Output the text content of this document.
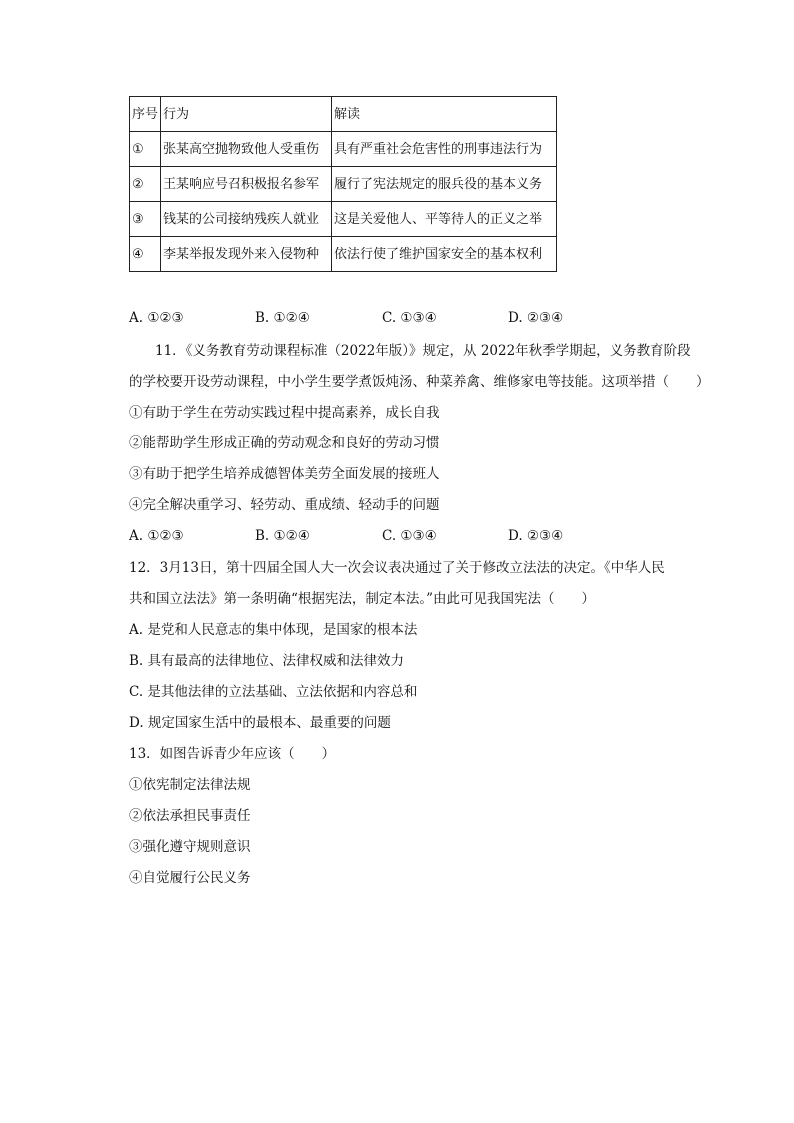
序号	行为	解读
①	张某高空抛物致他人受重伤	具有严重社会危害性的刑事违法行为
②	王某响应号召积极报名参军	履行了宪法规定的服兵役的基本义务
③	钱某的公司接纳残疾人就业	这是关爱他人、平等待人的正义之举
④	李某举报发现外来入侵物种	依法行使了维护国家安全的基本权利
A. ①②③	B. ①②④	C. ①③④	D. ②③④
11．《义务教育劳动课程标准（2022年版）》规定，从 2022年秋季学期起，义务教育阶段
的学校要开设劳动课程，中小学生要学煮饭炖汤、种菜养禽、维修家电等技能。这项举措（　　）
①有助于学生在劳动实践过程中提高素养，成长自我
②能帮助学生形成正确的劳动观念和良好的劳动习惯
③有助于把学生培养成德智体美劳全面发展的接班人
④完全解决重学习、轻劳动、重成绩、轻动手的问题
A. ①②③	B. ①②④	C. ①③④	D. ②③④
12．3月13日，第十四届全国人大一次会议表决通过了关于修改立法法的决定。《中华人民
共和国立法法》第一条明确“根据宪法，制定本法。”由此可见我国宪法（　　）
A. 是党和人民意志的集中体现，是国家的根本法
B. 具有最高的法律地位、法律权威和法律效力
C. 是其他法律的立法基础、立法依据和内容总和
D. 规定国家生活中的最根本、最重要的问题
13．如图告诉青少年应该（　　）
①依宪制定法律法规
②依法承担民事责任
③强化遵守规则意识
④自觉履行公民义务
